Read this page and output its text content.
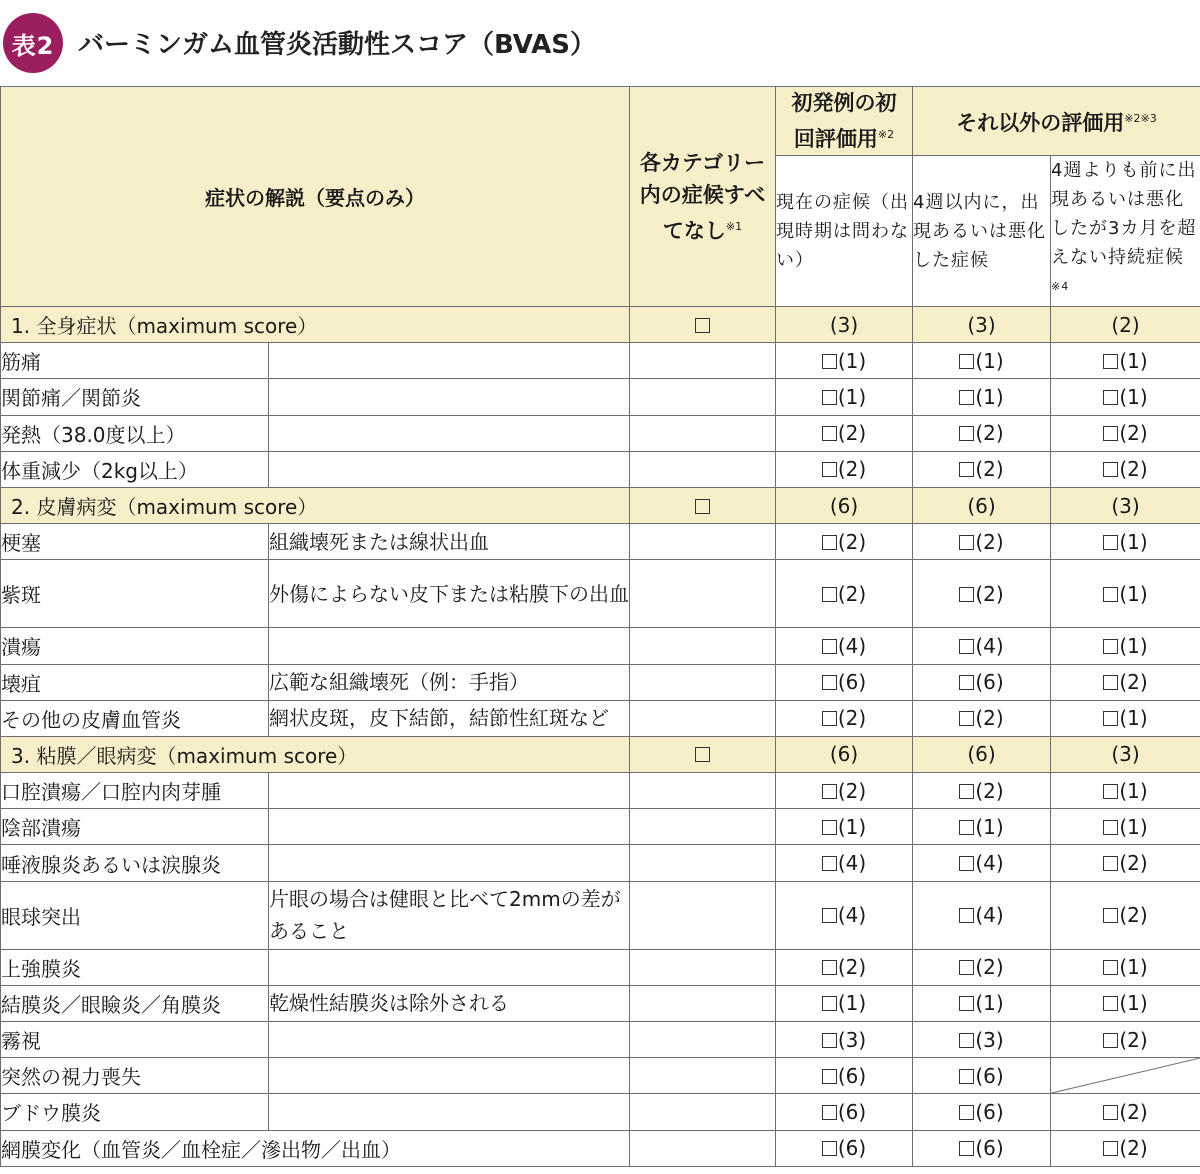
表2 バーミンガム血管炎活動性スコア（BVAS）
症状の解説（要点のみ）		各カテゴリー内の症候すべてなし$^{※1}$	初発例の初回評価用$^{※2}$	それ以外の評価用$^{※2※3}$
			現在の症候（出現時期は問わない）	4週以内に，出現あるいは悪化した症候	4週よりも前に出現あるいは悪化したが3カ月を超えない持続症候 $^{※4}$
1. 全身症状（maximum score）			(3)	(3)	(2)
筋痛			(1)	(1)	(1)
関節痛／関節炎			(1)	(1)	(1)
発熱（38.0度以上）			(2)	(2)	(2)
体重減少（2kg以上）			(2)	(2)	(2)
2. 皮膚病変（maximum score）			(6)	(6)	(3)
梗塞	組織壊死または線状出血		(2)	(2)	(1)
紫斑	外傷によらない皮下または粘膜下の出血		(2)	(2)	(1)
潰瘍			(4)	(4)	(1)
壊疽	広範な組織壊死（例：手指）		(6)	(6)	(2)
その他の皮膚血管炎	網状皮斑，皮下結節，結節性紅斑など		(2)	(2)	(1)
3. 粘膜／眼病変（maximum score）			(6)	(6)	(3)
口腔潰瘍／口腔内肉芽腫			(2)	(2)	(1)
陰部潰瘍			(1)	(1)	(1)
唾液腺炎あるいは涙腺炎			(4)	(4)	(2)
眼球突出	片眼の場合は健眼と比べて2mmの差があること		(4)	(4)	(2)
上強膜炎			(2)	(2)	(1)
結膜炎／眼瞼炎／角膜炎	乾燥性結膜炎は除外される		(1)	(1)	(1)
霧視			(3)	(3)	(2)
突然の視力喪失			(6)	(6)	

ブドウ膜炎			(6)	(6)	(2)
網膜変化（血管炎／血栓症／滲出物／出血）			(6)	(6)	(2)
